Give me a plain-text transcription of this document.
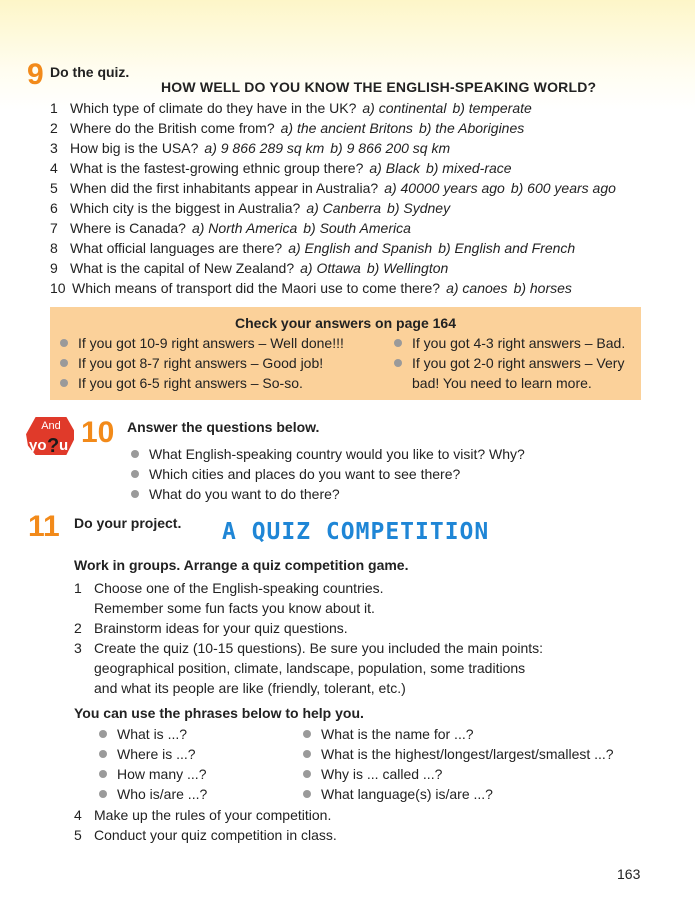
9 Do the quiz.
HOW WELL DO YOU KNOW THE ENGLISH-SPEAKING WORLD?
1 Which type of climate do they have in the UK? a) continental b) temperate
2 Where do the British come from? a) the ancient Britons b) the Aborigines
3 How big is the USA? a) 9 866 289 sq km b) 9 866 200 sq km
4 What is the fastest-growing ethnic group there? a) Black b) mixed-race
5 When did the first inhabitants appear in Australia? a) 40000 years ago b) 600 years ago
6 Which city is the biggest in Australia? a) Canberra b) Sydney
7 Where is Canada? a) North America b) South America
8 What official languages are there? a) English and Spanish b) English and French
9 What is the capital of New Zealand? a) Ottawa b) Wellington
10 Which means of transport did the Maori use to come there? a) canoes b) horses
Check your answers on page 164
If you got 10-9 right answers – Well done!!!
If you got 8-7 right answers – Good job!
If you got 6-5 right answers – So-so.
If you got 4-3 right answers – Bad.
If you got 2-0 right answers – Very
bad! You need to learn more.
And
yo ? u 10 Answer the questions below.
What English-speaking country would you like to visit? Why?
Which cities and places do you want to see there?
What do you want to do there?
11 Do your project. A QUIZ COMPETITION
Work in groups. Arrange a quiz competition game.
1 Choose one of the English-speaking countries.
Remember some fun facts you know about it.
2 Brainstorm ideas for your quiz questions.
3 Create the quiz (10-15 questions). Be sure you included the main points:
geographical position, climate, landscape, population, some traditions
and what its people are like (friendly, tolerant, etc.)
You can use the phrases below to help you.
What is ...?
Where is ...?
How many ...?
Who is/are ...?
What is the name for ...?
What is the highest/longest/largest/smallest ...?
Why is ... called ...?
What language(s) is/are ...?
4 Make up the rules of your competition.
5 Conduct your quiz competition in class.
163
